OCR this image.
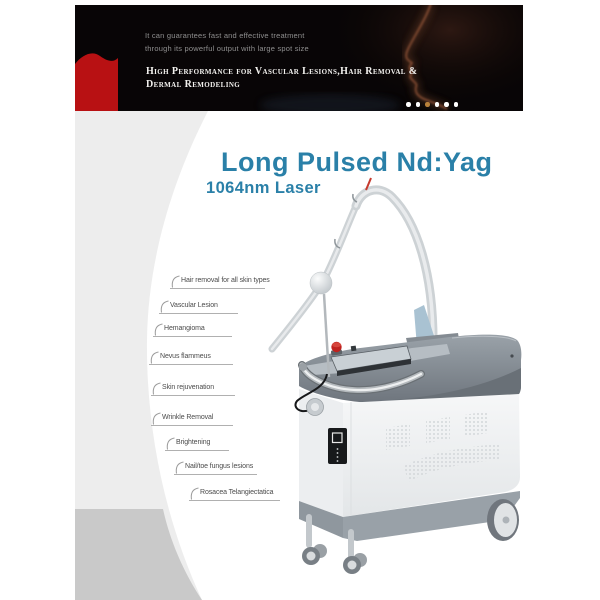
It can guarantees fast and effective treatment
through its powerful output with large spot size
High Performance for Vascular Lesions,Hair Removal &
Dermal Remodeling
Long Pulsed Nd:Yag
1064nm Laser
Hair removal for all skin types
Vascular Lesion
Hemangioma
Nevus flammeus
Skin rejuvenation
Wrinkle Removal
Brightening
Nail/toe fungus lesions
Rosacea Telangiectatica
